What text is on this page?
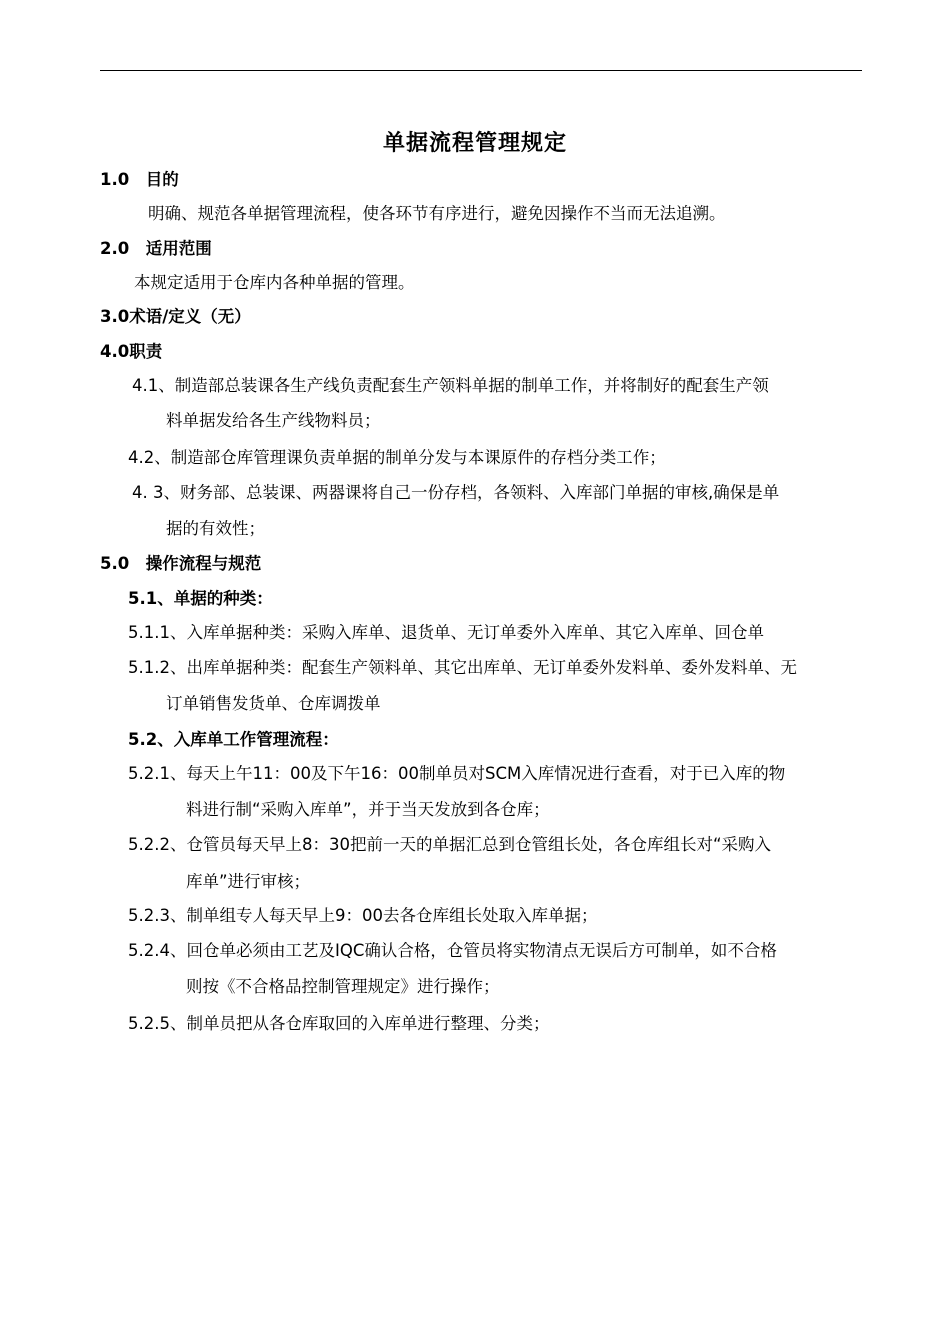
单据流程管理规定
1.0　目的
明确、规范各单据管理流程，使各环节有序进行，避免因操作不当而无法追溯。
2.0　适用范围
本规定适用于仓库内各种单据的管理。
3.0术语/定义（无）
4.0职责
4.1、制造部总装课各生产线负责配套生产领料单据的制单工作，并将制好的配套生产领
料单据发给各生产线物料员；
4.2、制造部仓库管理课负责单据的制单分发与本课原件的存档分类工作；
4. 3、财务部、总装课、两器课将自己一份存档，各领料、入库部门单据的审核,确保是单
据的有效性；
5.0　操作流程与规范
5.1、单据的种类：
5.1.1、入库单据种类：采购入库单、退货单、无订单委外入库单、其它入库单、回仓单
5.1.2、出库单据种类：配套生产领料单、其它出库单、无订单委外发料单、委外发料单、无
订单销售发货单、仓库调拨单
5.2、入库单工作管理流程：
5.2.1、每天上午11：00及下午16：00制单员对SCM入库情况进行查看，对于已入库的物
料进行制“采购入库单”，并于当天发放到各仓库；
5.2.2、仓管员每天早上8：30把前一天的单据汇总到仓管组长处，各仓库组长对“采购入
库单”进行审核；
5.2.3、制单组专人每天早上9：00去各仓库组长处取入库单据；
5.2.4、回仓单必须由工艺及IQC确认合格，仓管员将实物清点无误后方可制单，如不合格
则按《不合格品控制管理规定》进行操作；
5.2.5、制单员把从各仓库取回的入库单进行整理、分类；
